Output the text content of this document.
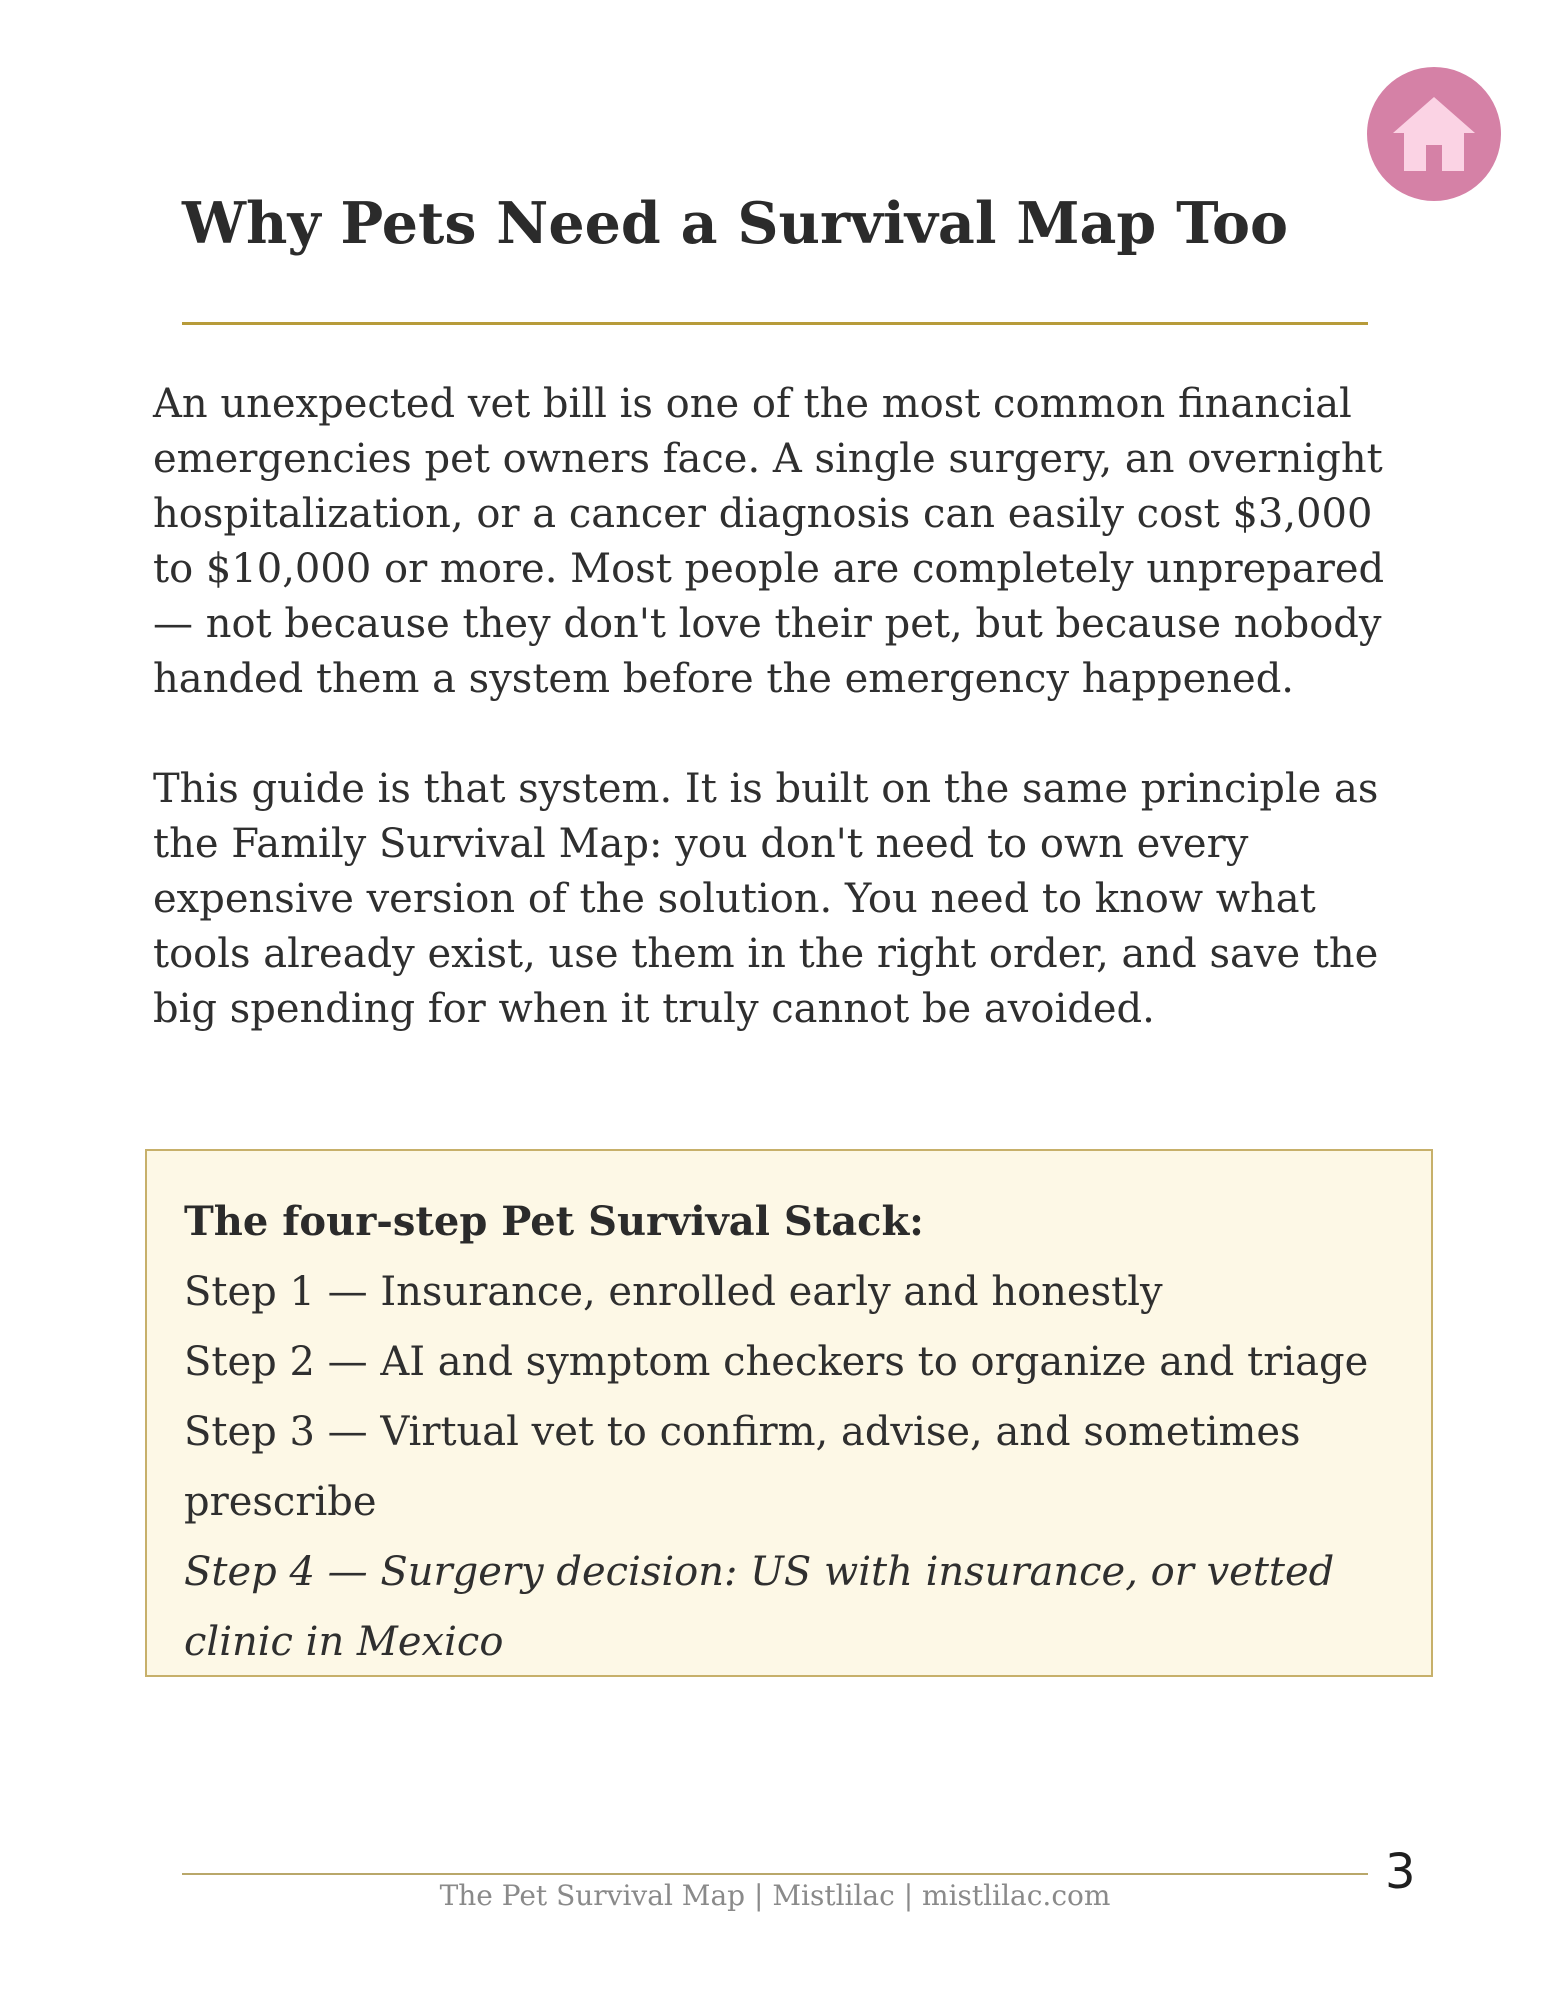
Why Pets Need a Survival Map Too

An unexpected vet bill is one of the most common financial
emergencies pet owners face. A single surgery, an overnight
hospitalization, or a cancer diagnosis can easily cost $3,000
to $10,000 or more. Most people are completely unprepared
— not because they don't love their pet, but because nobody
handed them a system before the emergency happened.

This guide is that system. It is built on the same principle as
the Family Survival Map: you don't need to own every
expensive version of the solution. You need to know what
tools already exist, use them in the right order, and save the
big spending for when it truly cannot be avoided.

The four-step Pet Survival Stack:
Step 1 — Insurance, enrolled early and honestly
Step 2 — AI and symptom checkers to organize and triage
Step 3 — Virtual vet to confirm, advise, and sometimes
prescribe
Step 4 — Surgery decision: US with insurance, or vetted
clinic in Mexico
The Pet Survival Map | Mistlilac | mistlilac.com	3
